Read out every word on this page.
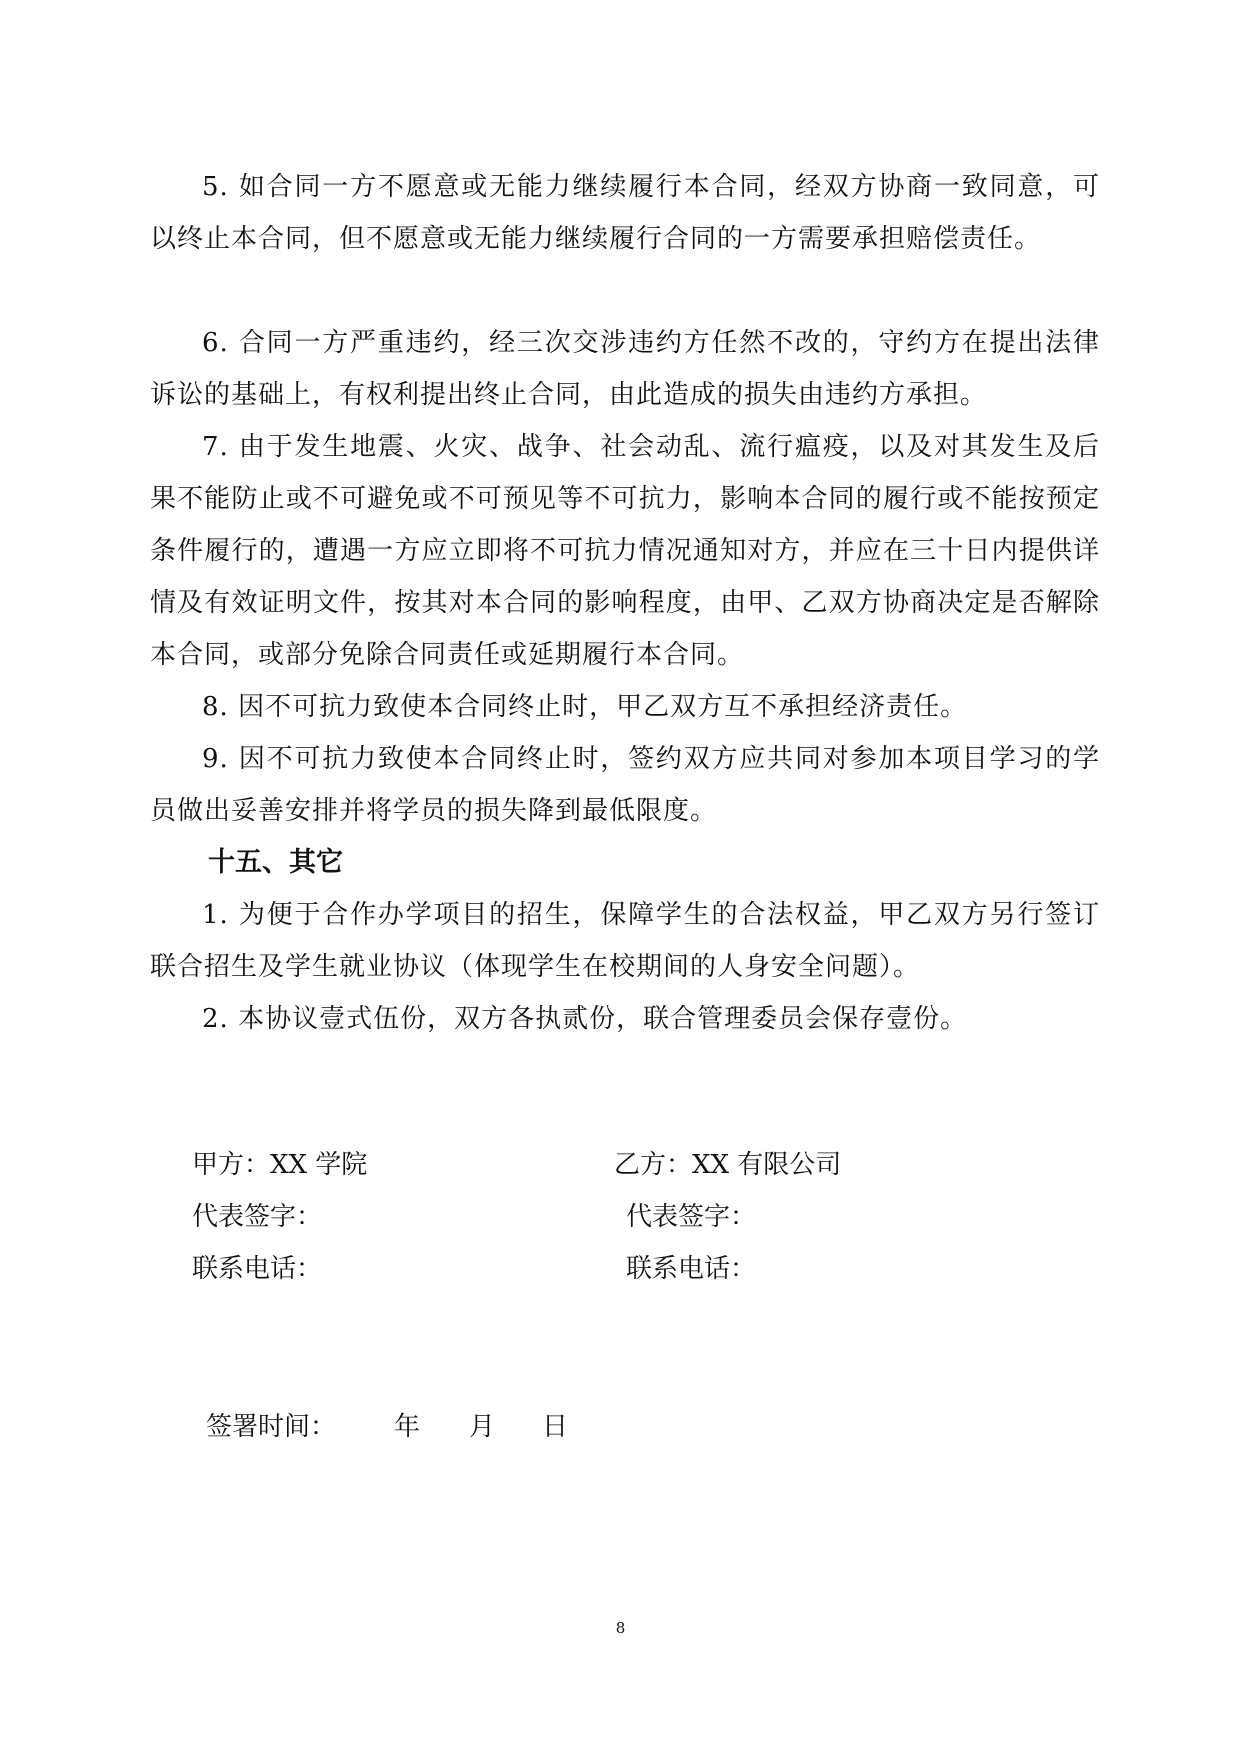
5. 如合同一方不愿意或无能力继续履行本合同，经双方协商一致同意，可以终止本合同，但不愿意或无能力继续履行合同的一方需要承担赔偿责任。

6. 合同一方严重违约，经三次交涉违约方任然不改的，守约方在提出法律诉讼的基础上，有权利提出终止合同，由此造成的损失由违约方承担。

7. 由于发生地震、火灾、战争、社会动乱、流行瘟疫，以及对其发生及后果不能防止或不可避免或不可预见等不可抗力，影响本合同的履行或不能按预定条件履行的，遭遇一方应立即将不可抗力情况通知对方，并应在三十日内提供详情及有效证明文件，按其对本合同的影响程度，由甲、乙双方协商决定是否解除本合同，或部分免除合同责任或延期履行本合同。

8. 因不可抗力致使本合同终止时，甲乙双方互不承担经济责任。

9. 因不可抗力致使本合同终止时，签约双方应共同对参加本项目学习的学员做出妥善安排并将学员的损失降到最低限度。

十五、其它

1. 为便于合作办学项目的招生，保障学生的合法权益，甲乙双方另行签订联合招生及学生就业协议（体现学生在校期间的人身安全问题）。

2. 本协议壹式伍份，双方各执贰份，联合管理委员会保存壹份。

甲方：XX 学院	乙方：XX 有限公司
代表签字：	代表签字：
联系电话：	联系电话：
签署时间： 年 月 日
8
